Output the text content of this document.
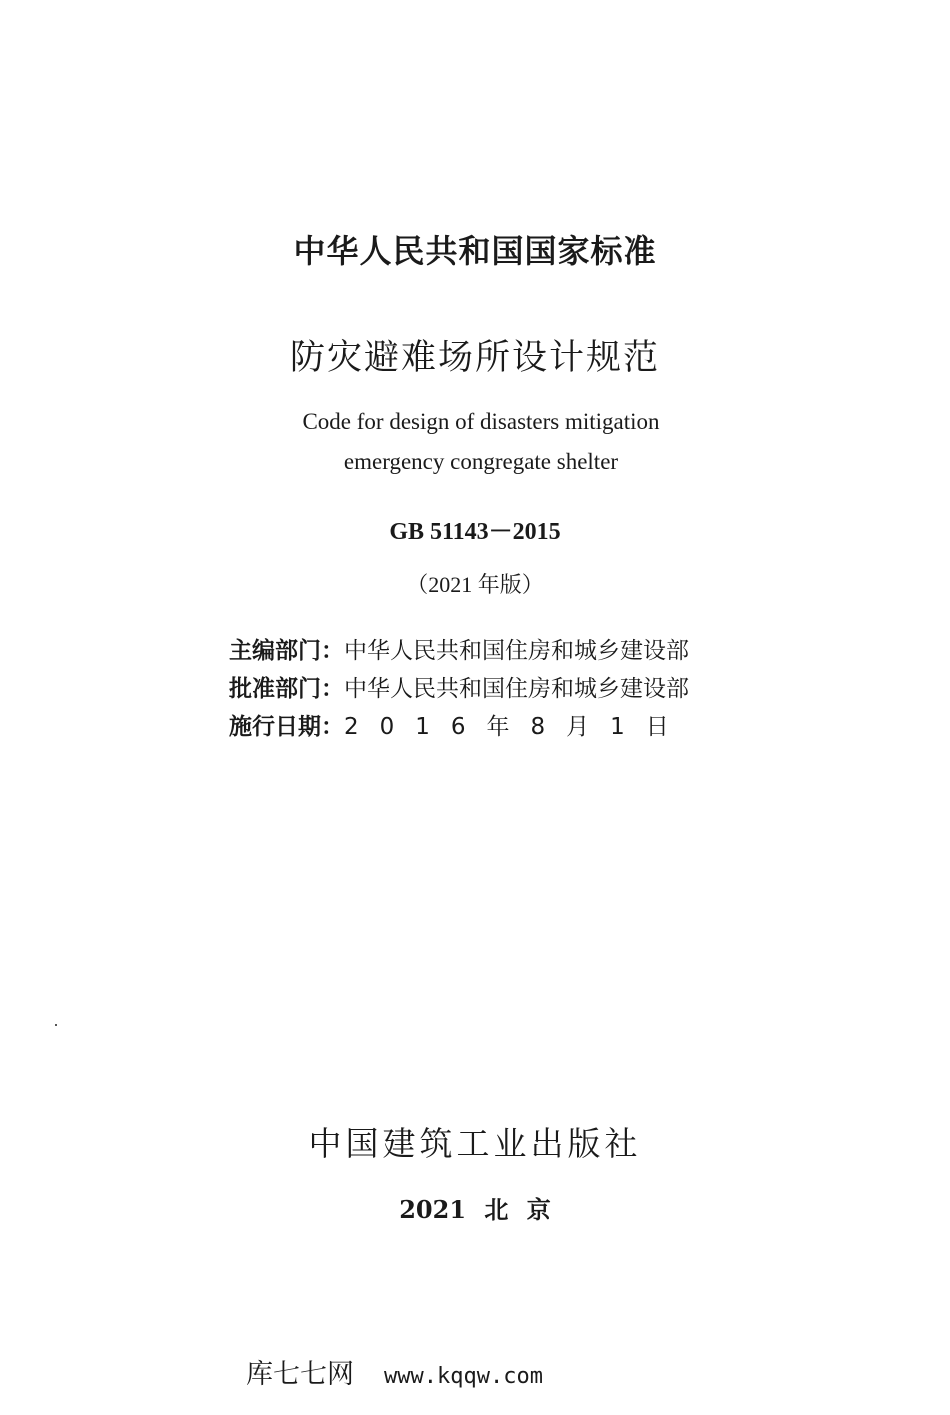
中华人民共和国国家标准
防灾避难场所设计规范
Code for design of disasters mitigation
emergency congregate shelter
GB 51143－2015
（2021 年版）
主编部门：中华人民共和国住房和城乡建设部
批准部门：中华人民共和国住房和城乡建设部
施行日期：2016年8月1日
中国建筑工业出版社
2021 北 京
库七七网 www.kqqw.com
